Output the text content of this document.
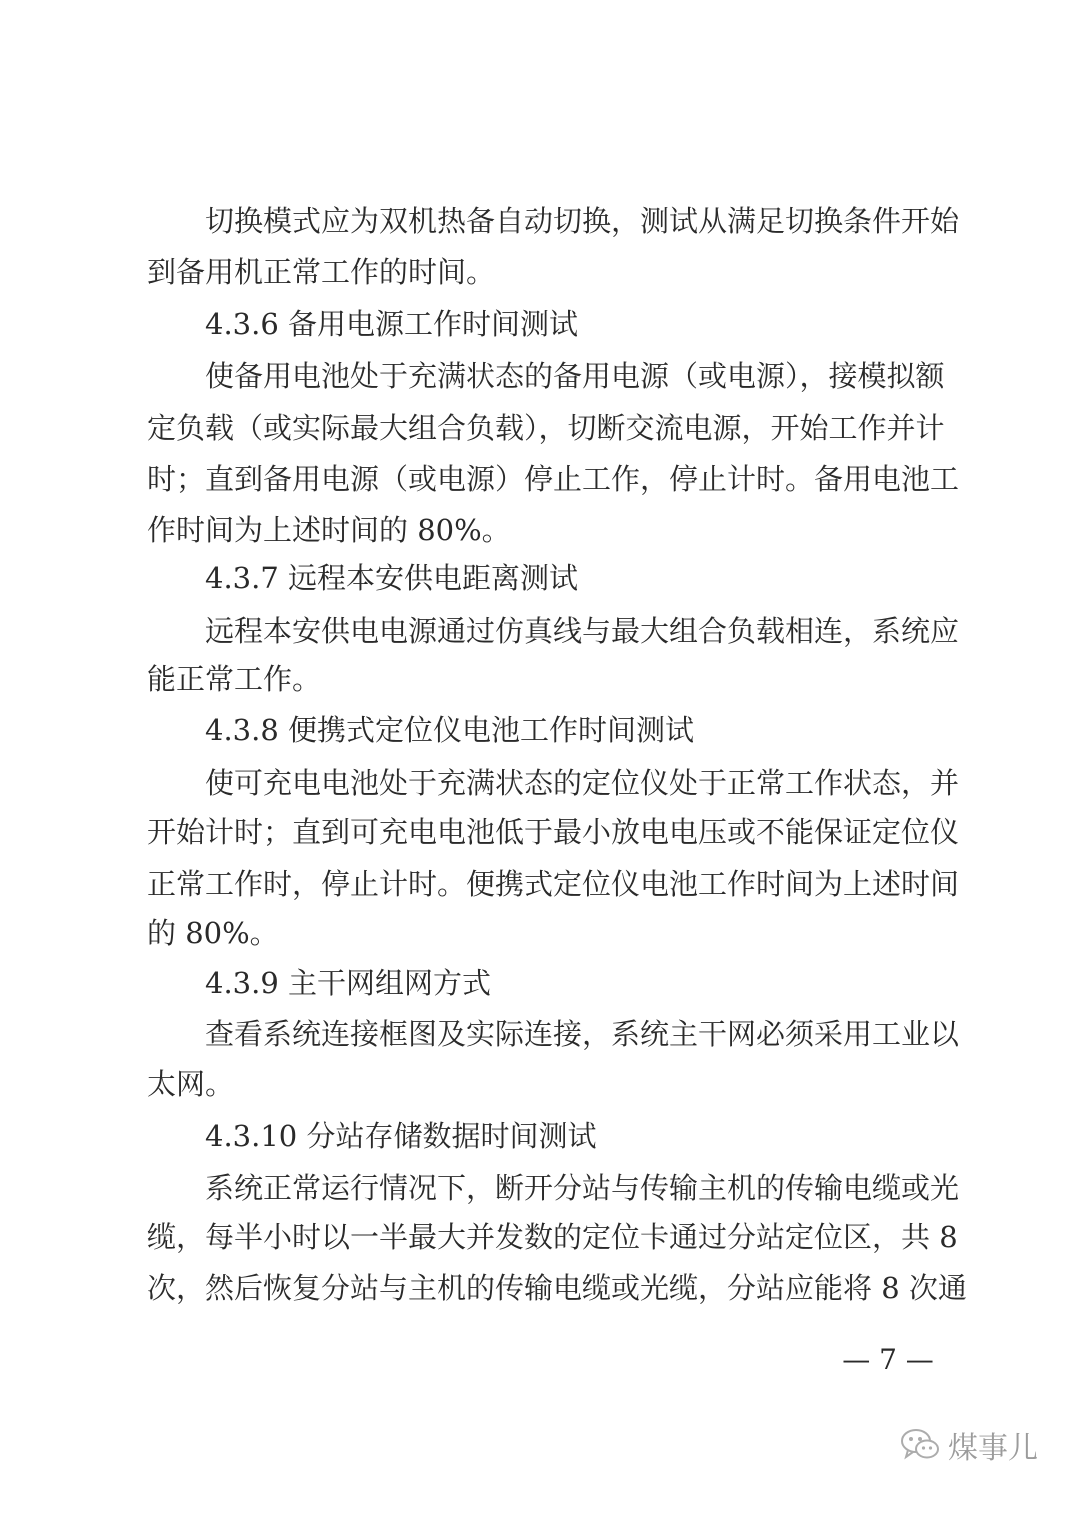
切换模式应为双机热备自动切换，测试从满足切换条件开始
到备用机正常工作的时间。
4.3.6 备用电源工作时间测试
使备用电池处于充满状态的备用电源（或电源），接模拟额
定负载（或实际最大组合负载），切断交流电源，开始工作并计
时；直到备用电源（或电源）停止工作，停止计时。备用电池工
作时间为上述时间的 80%。
4.3.7 远程本安供电距离测试
远程本安供电电源通过仿真线与最大组合负载相连，系统应
能正常工作。
4.3.8 便携式定位仪电池工作时间测试
使可充电电池处于充满状态的定位仪处于正常工作状态，并
开始计时；直到可充电电池低于最小放电电压或不能保证定位仪
正常工作时，停止计时。便携式定位仪电池工作时间为上述时间
的 80%。
4.3.9 主干网组网方式
查看系统连接框图及实际连接，系统主干网必须采用工业以
太网。
4.3.10 分站存储数据时间测试
系统正常运行情况下，断开分站与传输主机的传输电缆或光
缆，每半小时以一半最大并发数的定位卡通过分站定位区，共 8
次，然后恢复分站与主机的传输电缆或光缆，分站应能将 8 次通
— 7 —
煤事儿
